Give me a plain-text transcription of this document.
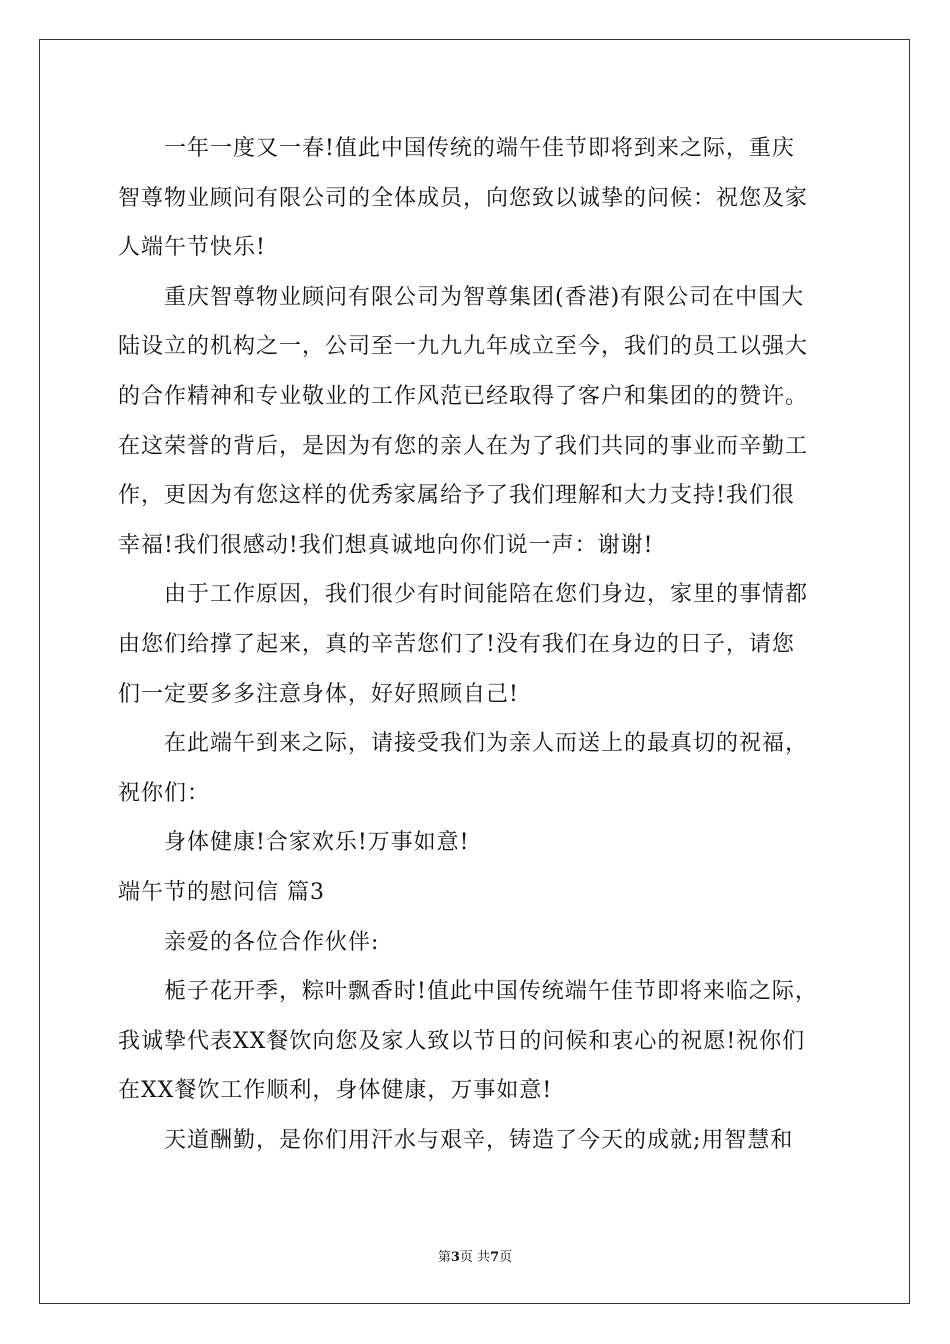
一年一度又一春!值此中国传统的端午佳节即将到来之际，重庆
智尊物业顾问有限公司的全体成员，向您致以诚挚的问候：祝您及家
人端午节快乐!
重庆智尊物业顾问有限公司为智尊集团(香港)有限公司在中国大
陆设立的机构之一，公司至一九九九年成立至今，我们的员工以强大
的合作精神和专业敬业的工作风范已经取得了客户和集团的的赞许。
在这荣誉的背后，是因为有您的亲人在为了我们共同的事业而辛勤工
作，更因为有您这样的优秀家属给予了我们理解和大力支持!我们很
幸福!我们很感动!我们想真诚地向你们说一声：谢谢!
由于工作原因，我们很少有时间能陪在您们身边，家里的事情都
由您们给撑了起来，真的辛苦您们了!没有我们在身边的日子，请您
们一定要多多注意身体，好好照顾自己!
在此端午到来之际，请接受我们为亲人而送上的最真切的祝福，
祝你们：
身体健康!合家欢乐!万事如意!
端午节的慰问信 篇3
亲爱的各位合作伙伴:
栀子花开季，粽叶飘香时!值此中国传统端午佳节即将来临之际，
我诚挚代表XX餐饮向您及家人致以节日的问候和衷心的祝愿!祝你们
在XX餐饮工作顺利，身体健康，万事如意!
天道酬勤，是你们用汗水与艰辛，铸造了今天的成就;用智慧和
第3页 共7页
